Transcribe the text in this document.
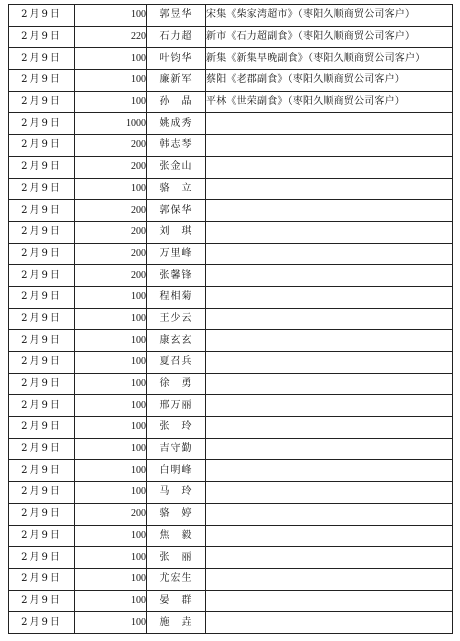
2月9日	100	郭昱华	宋集《柴家湾超市》（枣阳久顺商贸公司客户）
2月9日	220	石力超	新市《石力超副食》（枣阳久顺商贸公司客户）
2月9日	100	叶钧华	新集《新集早晚副食》（枣阳久顺商贸公司客户）
2月9日	100	廉新军	蔡阳《老郡副食》（枣阳久顺商贸公司客户）
2月9日	100	孙　晶	平林《世荣副食》（枣阳久顺商贸公司客户）
2月9日	1000	姚成秀	
2月9日	200	韩志琴	
2月9日	200	张金山	
2月9日	100	骆　立	
2月9日	200	郭保华	
2月9日	200	刘　琪	
2月9日	200	万里峰	
2月9日	200	张馨锋	
2月9日	100	程相菊	
2月9日	100	王少云	
2月9日	100	康玄玄	
2月9日	100	夏召兵	
2月9日	100	徐　勇	
2月9日	100	邢万丽	
2月9日	100	张　玲	
2月9日	100	吉守勤	
2月9日	100	白明峰	
2月9日	100	马　玲	
2月9日	200	骆　婷	
2月9日	100	焦　毅	
2月9日	100	张　丽	
2月9日	100	尤宏生	
2月9日	100	晏　群	
2月9日	100	施　垚	
